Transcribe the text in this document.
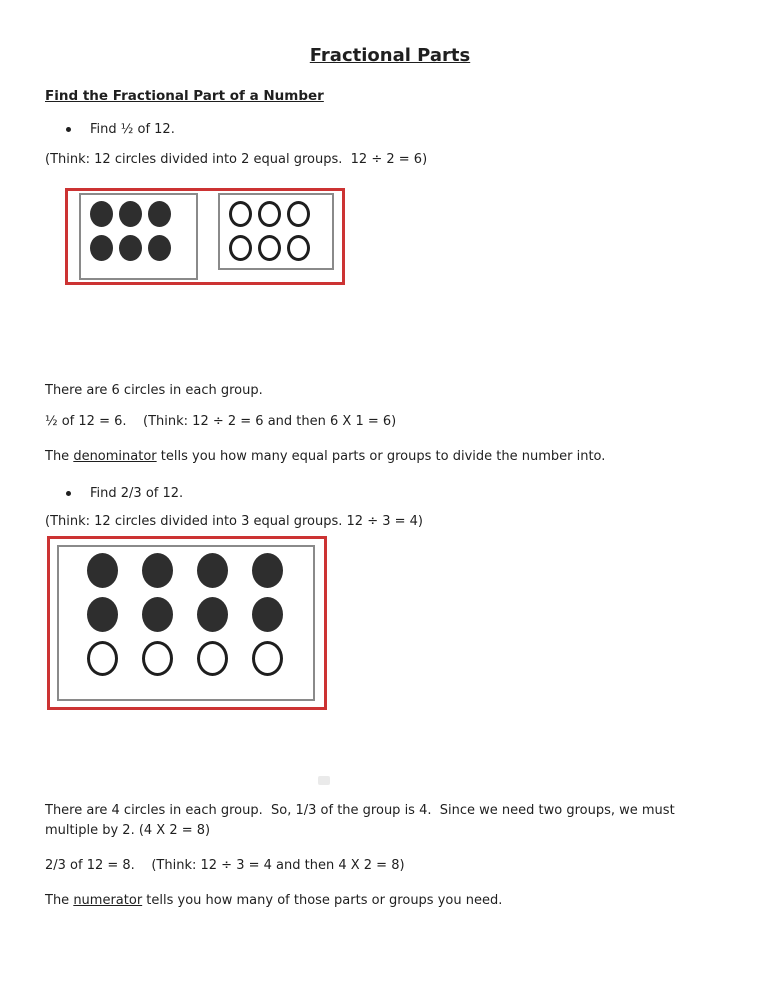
Fractional Parts
Find the Fractional Part of a Number
Find ½ of 12.

(Think: 12 circles divided into 2 equal groups.  12 ÷ 2 = 6)

There are 6 circles in each group.

½ of 12 = 6.    (Think: 12 ÷ 2 = 6 and then 6 X 1 = 6)

The denominator tells you how many equal parts or groups to divide the number into.

Find 2/3 of 12.

(Think: 12 circles divided into 3 equal groups. 12 ÷ 3 = 4)

There are 4 circles in each group.  So, 1/3 of the group is 4.  Since we need two groups, we must
multiple by 2. (4 X 2 = 8)

2/3 of 12 = 8.    (Think: 12 ÷ 3 = 4 and then 4 X 2 = 8)

The numerator tells you how many of those parts or groups you need.
